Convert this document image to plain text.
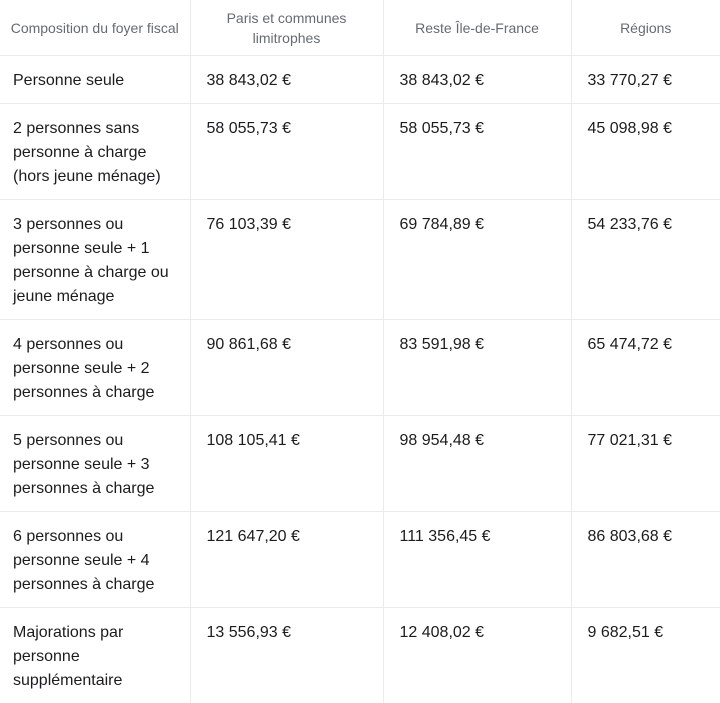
Composition du foyer fiscal	Paris et communes limitrophes	Reste Île-de-France	Régions
Personne seule	38 843,02 €	38 843,02 €	33 770,27 €
2 personnes sans personne à charge (hors jeune ménage)	58 055,73 €	58 055,73 €	45 098,98 €
3 personnes ou personne seule + 1 personne à charge ou jeune ménage	76 103,39 €	69 784,89 €	54 233,76 €
4 personnes ou personne seule + 2 personnes à charge	90 861,68 €	83 591,98 €	65 474,72 €
5 personnes ou personne seule + 3 personnes à charge	108 105,41 €	98 954,48 €	77 021,31 €
6 personnes ou personne seule + 4 personnes à charge	121 647,20 €	111 356,45 €	86 803,68 €
Majorations par personne supplémentaire	13 556,93 €	12 408,02 €	9 682,51 €
